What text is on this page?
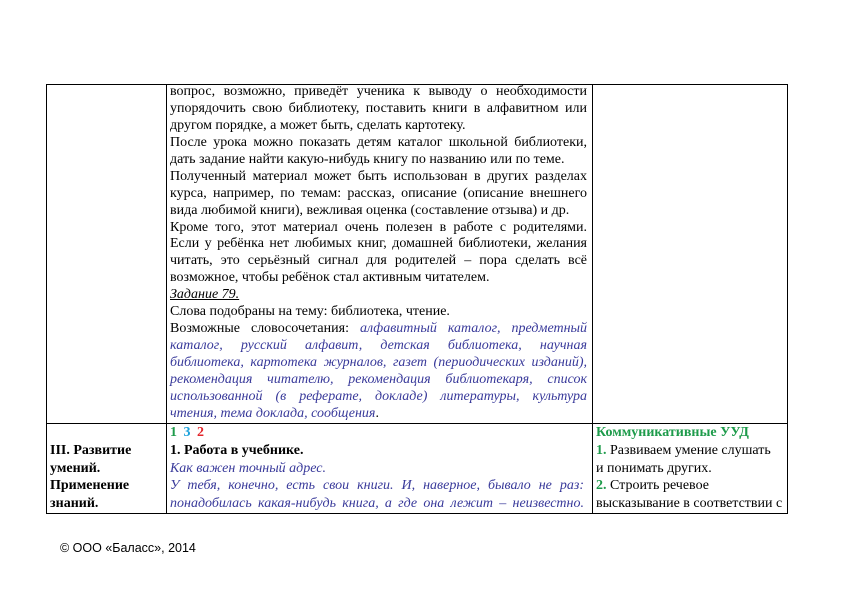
вопрос, возможно, приведёт ученика к выводу о необходимости
упорядочить свою библиотеку, поставить книги в алфавитном или
другом порядке, а может быть, сделать картотеку.
После урока можно показать детям каталог школьной библиотеки,
дать задание найти какую-нибудь книгу по названию или по теме.
Полученный материал может быть использован в других разделах
курса, например, по темам: рассказ, описание (описание внешнего
вида любимой книги), вежливая оценка (составление отзыва) и др.
Кроме того, этот материал очень полезен в работе с родителями.
Если у ребёнка нет любимых книг, домашней библиотеки, желания
читать, это серьёзный сигнал для родителей – пора сделать всё
возможное, чтобы ребёнок стал активным читателем.
Задание 79.
Слова подобраны на тему: библиотека, чтение.
Возможные словосочетания: алфавитный каталог, предметный
каталог, русский алфавит, детская библиотека, научная
библиотека, картотека журналов, газет (периодических изданий),
рекомендация читателю, рекомендация библиотекаря, список
использованной (в реферате, докладе) литературы, культура
чтения, тема доклада, сообщения.
III. Развитие
умений.
Применение
знаний.
1 3 2
1. Работа в учебнике.
Как важен точный адрес.
У тебя, конечно, есть свои книги. И, наверное, бывало не раз:
понадобилась какая-нибудь книга, а где она лежит – неизвестно.
Коммуникативные УУД
1. Развиваем умение слушать
и понимать других.
2. Строить речевое
высказывание в соответствии с
© ООО «Баласс», 2014
